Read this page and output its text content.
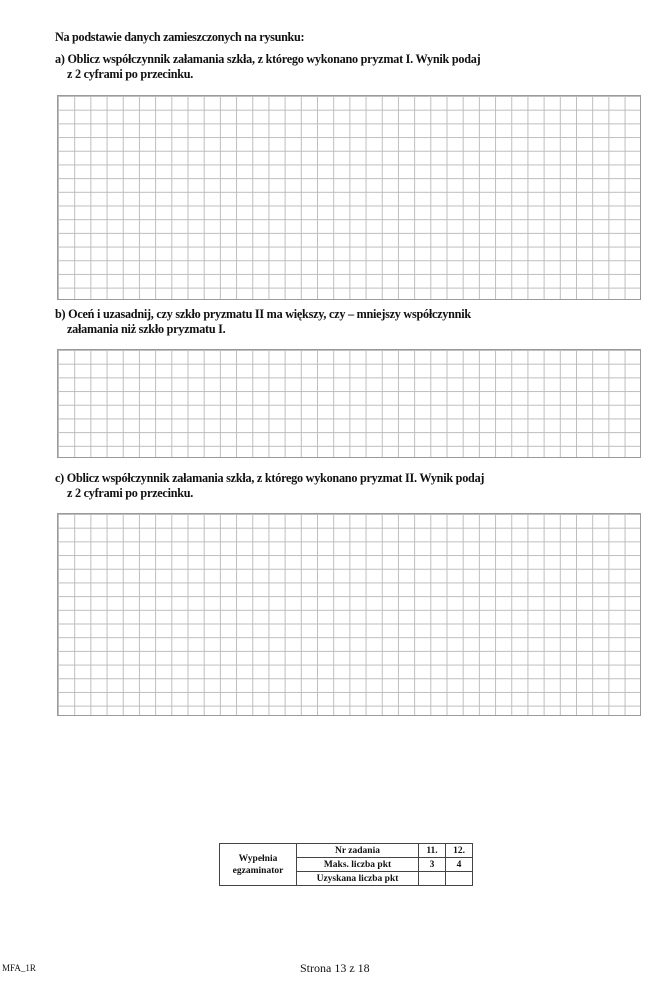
Na podstawie danych zamieszczonych na rysunku:
a) Oblicz współczynnik załamania szkła, z którego wykonano pryzmat I. Wynik podaj
z 2 cyframi po przecinku.
b) Oceń i uzasadnij, czy szkło pryzmatu II ma większy, czy – mniejszy współczynnik
załamania niż szkło pryzmatu I.
c) Oblicz współczynnik załamania szkła, z którego wykonano pryzmat II. Wynik podaj
z 2 cyframi po przecinku.
Wypełnia
egzaminator	Nr zadania	11.	12.
	Maks. liczba pkt	3	4
	Uzyskana liczba pkt		
MFA_1R	Strona 13 z 18
